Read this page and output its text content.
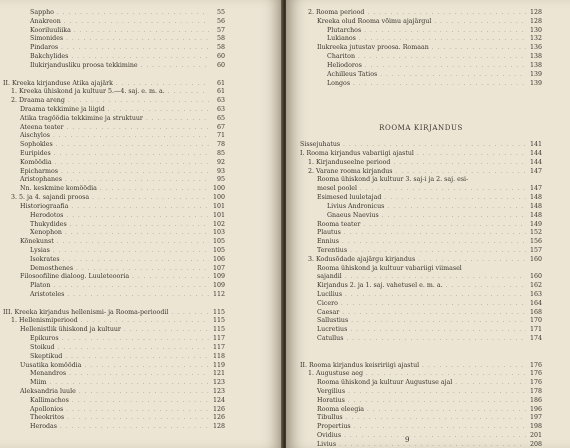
Sappho . . .	55
Anakreon . . .	56
Kooriluuliika . . .	57
Simonides . . .	58
Pindaros . . .	58
Bakchylides . . .	60
Ilukirjandusliku proosa tekkimine . . .	60
II. Kreeka kirjanduse Atika ajajärk . . .	61
1. Kreeka ühiskond ja kultuur 5.—4. saj. e. m. a. . . .	61
2. Draama areng . . .	63
Draama tekkimine ja liigid . . .	63
Atika tragöödia tekkimine ja struktuur . . .	65
Ateena teater . . .	67
Aischylos . . .	71
Sophokles . . .	78
Euripides . . .	85
Komöödia . . .	92
Epicharmos . . .	93
Aristophanes . . .	95
Nn. keskmine komöödia . . .	100
3. 5. ja 4. sajandi proosa . . .	100
Historiograafia . . .	101
Herodotos . . .	101
Thukydides . . .	102
Xenophon . . .	103
Kõnekunst . . .	105
Lysias . . .	105
Isokrates . . .	106
Demosthenes . . .	107
Filosoofiline dialoog. Luuleteooria . . .	109
Platon . . .	109
Aristoteles . . .	112
III. Kreeka kirjandus hellenismi- ja Rooma-perioodil . . .	115
1. Hellenismiperiood . . .	115
Hellenistlik ühiskond ja kultuur . . .	115
Epikuros . . .	117
Stoikud . . .	117
Skeptikud . . .	118
Uusatika komöödia . . .	119
Menandros . . .	121
Miim . . .	123
Aleksandria luule . . .	123
Kallimachos . . .	124
Apollonios . . .	126
Theokritos . . .	126
Herodas . . .	128
2. Rooma periood . . .	128
Kreeka olud Rooma võimu ajajärgul . . .	128
Plutarchos . . .	130
Lukianos . . .	132
Ilukreeka jutustav proosa. Romaan . . .	136
Chariton . . .	138
Heliodoros . . .	138
Achilleus Tatios . . .	139
Longos . . .	139
ROOMA KIRJANDUS
Sissejuhatus . . .	141
I. Rooma kirjandus vabariigi ajastul . . .	144
1. Kirjanduseelne periood . . .	144
2. Varane rooma kirjandus . . .	147
Rooma ühiskond ja kultuur 3. saj-i ja 2. saj. esi-
mesel poolel . . .	147
Esimesed luuletajad . . .	148
Livius Andronicus . . .	148
Gnaeus Naevius . . .	148
Rooma teater . . .	149
Plautus . . .	152
Ennius . . .	156
Terentius . . .	157
3. Kodusõdade ajajärgu kirjandus . . .	160
Rooma ühiskond ja kultuur vabariigi viimasel
sajandil . . .	160
Kirjandus 2. ja 1. saj. vahetusel e. m. a. . . .	162
Lucilius . . .	163
Cicero . . .	164
Caesar . . .	168
Sallustius . . .	170
Lucretius . . .	171
Catullus . . .	174
II. Rooma kirjandus keisririigi ajastul . . .	176
1. Augustuse aeg . . .	176
Rooma ühiskond ja kultuur Augustuse ajal . . .	176
Vergilius . . .	178
Horatius . . .	186
Rooma eleegia . . .	196
Tibullus . . .	197
Propertius . . .	198
Ovidius . . .	201
Livius . . .	208
9
